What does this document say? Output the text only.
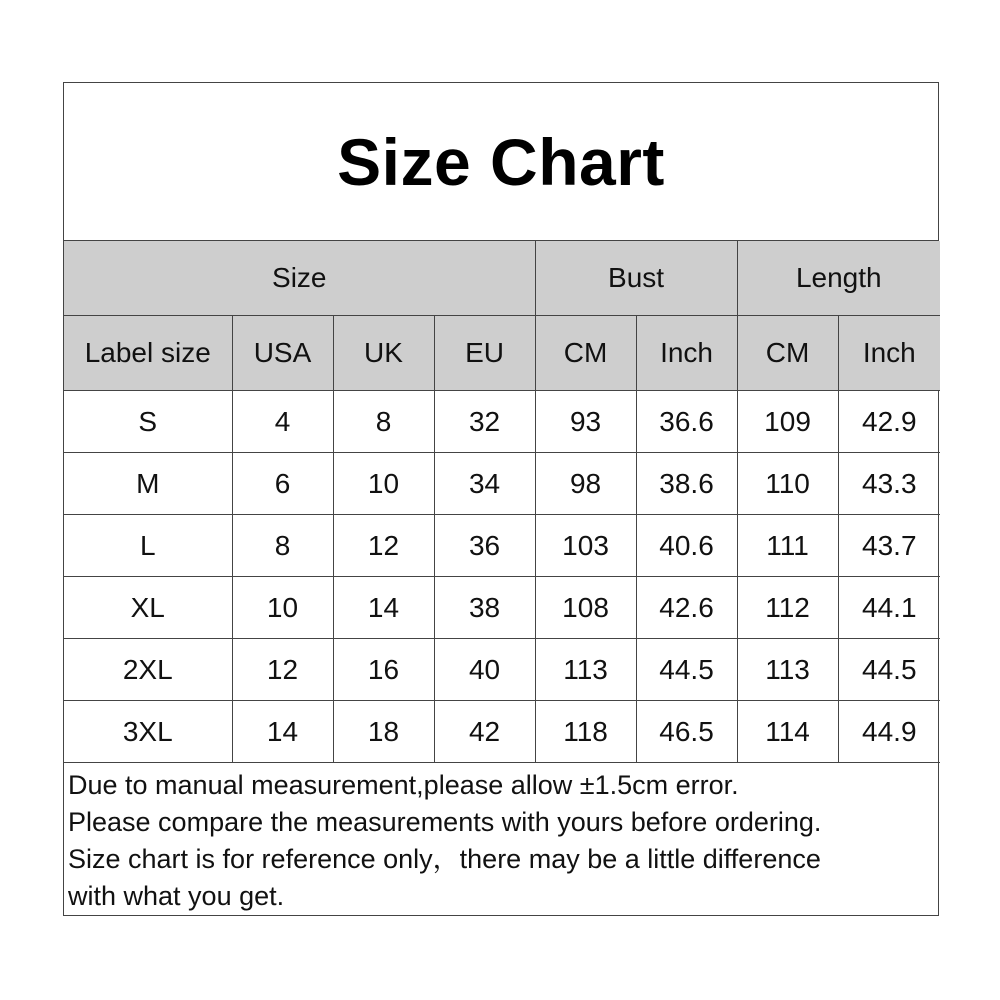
Size Chart
Size				Bust		Length	
Label size	USA	UK	EU	CM	Inch	CM	Inch
S	4	8	32	93	36.6	109	42.9
M	6	10	34	98	38.6	110	43.3
L	8	12	36	103	40.6	111	43.7
XL	10	14	38	108	42.6	112	44.1
2XL	12	16	40	113	44.5	113	44.5
3XL	14	18	42	118	46.5	114	44.9
Due to manual measurement,please allow ±1.5cm error.
Please compare the measurements with yours before ordering.
Size chart is for reference only，there may be a little difference
with what you get.
